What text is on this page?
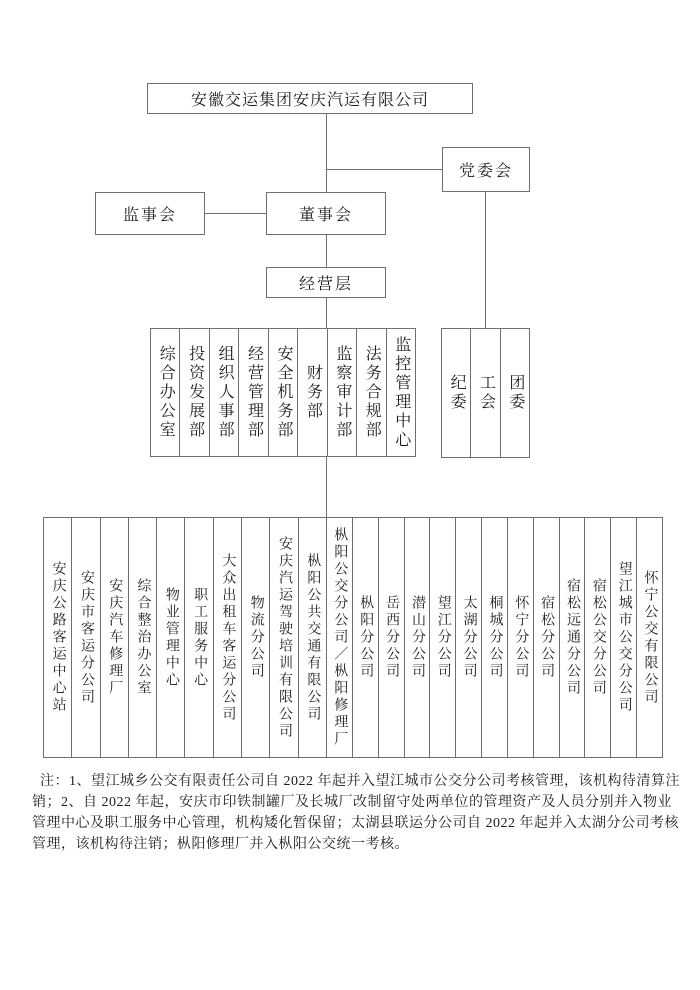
安徽交运集团安庆汽运有限公司
党委会
监事会	董事会
经营层
综合办公室 投资发展部 组织人事部 经营管理部 安全机务部 财务部 监察审计部 法务合规部 监控管理中心 纪委 工会 团委
安庆公路客运中心站 安庆市客运分公司 安庆汽车修理厂 综合整治办公室 物业管理中心 职工服务中心 大众出租车客运分公司 物流分公司 安庆汽运驾驶培训有限公司 枞阳公共交通有限公司 枞阳公交分公司／枞阳修理厂 枞阳分公司 岳西分公司 潜山分公司 望江分公司 太湖分公司 桐城分公司 怀宁分公司 宿松分公司 宿松远通分公司 宿松公交分公司 望江城市公交分公司 怀宁公交有限公司
注：1、望江城乡公交有限责任公司自 2022 年起并入望江城市公交分公司考核管理，该机构待清算注
销；2、自 2022 年起，安庆市印铁制罐厂及长城厂改制留守处两单位的管理资产及人员分别并入物业
管理中心及职工服务中心管理，机构矮化暂保留；太湖县联运分公司自 2022 年起并入太湖分公司考核
管理，该机构待注销；枞阳修理厂并入枞阳公交统一考核。
